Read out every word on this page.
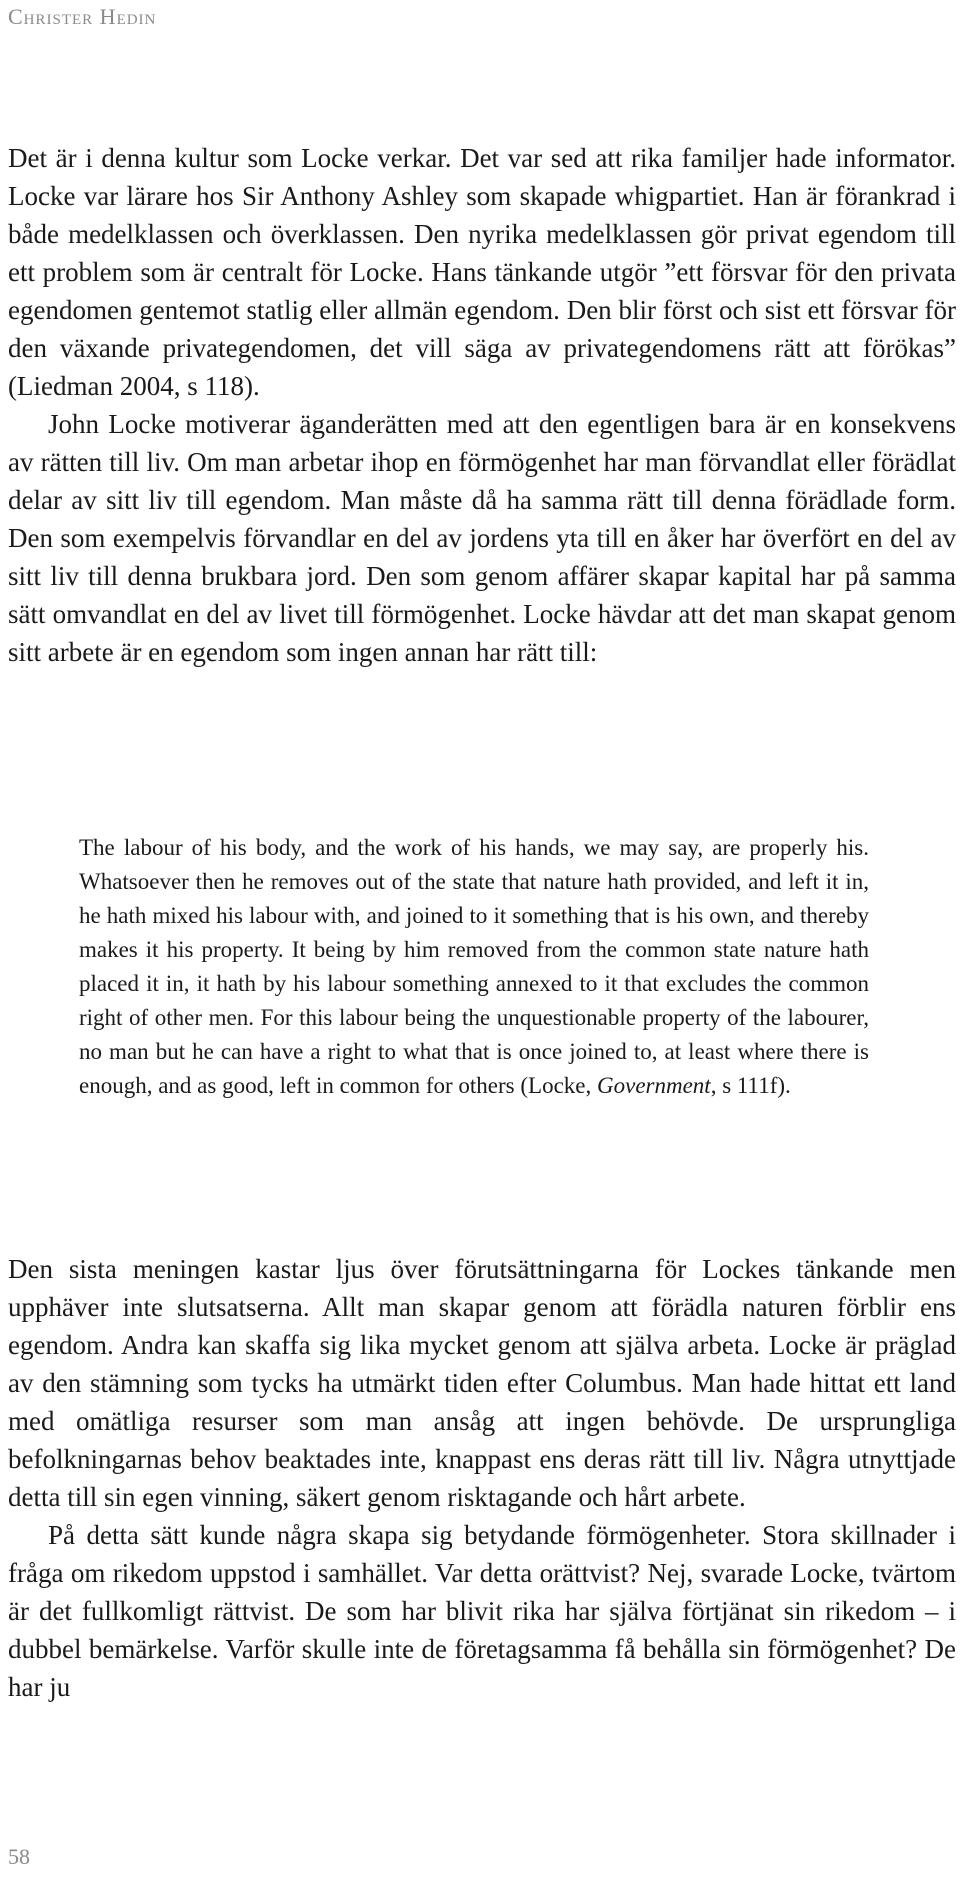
Christer Hedin

Det är i denna kultur som Locke verkar. Det var sed att rika familjer hade informator. Locke var lärare hos Sir Anthony Ashley som skapade whigpartiet. Han är förankrad i både medelklassen och överklassen. Den nyrika medelklassen gör privat egendom till ett problem som är centralt för Locke. Hans tänkande utgör ”ett försvar för den privata egendomen gentemot statlig eller allmän egendom. Den blir först och sist ett försvar för den växande privategendomen, det vill säga av privategendomens rätt att förökas” (Liedman 2004, s 118).

John Locke motiverar äganderätten med att den egentligen bara är en konsekvens av rätten till liv. Om man arbetar ihop en förmögenhet har man förvandlat eller förädlat delar av sitt liv till egendom. Man måste då ha samma rätt till denna förädlade form. Den som exempelvis förvandlar en del av jordens yta till en åker har överfört en del av sitt liv till denna brukbara jord. Den som genom affärer skapar kapital har på samma sätt omvandlat en del av livet till förmögenhet. Locke hävdar att det man skapat genom sitt arbete är en egendom som ingen annan har rätt till:

The labour of his body, and the work of his hands, we may say, are properly his. Whatsoever then he removes out of the state that nature hath provided, and left it in, he hath mixed his labour with, and joined to it something that is his own, and thereby makes it his property. It being by him removed from the common state nature hath placed it in, it hath by his labour something annexed to it that excludes the common right of other men. For this labour being the unquestionable property of the labourer, no man but he can have a right to what that is once joined to, at least where there is enough, and as good, left in common for others (Locke, Government, s 111f).

Den sista meningen kastar ljus över förutsättningarna för Lockes tänkande men upphäver inte slutsatserna. Allt man skapar genom att förädla naturen förblir ens egendom. Andra kan skaffa sig lika mycket genom att själva arbeta. Locke är präglad av den stämning som tycks ha utmärkt tiden efter Columbus. Man hade hittat ett land med omätliga resurser som man ansåg att ingen behövde. De ursprungliga befolkningarnas behov beaktades inte, knappast ens deras rätt till liv. Några utnyttjade detta till sin egen vinning, säkert genom risktagande och hårt arbete.

På detta sätt kunde några skapa sig betydande förmögenheter. Stora skillnader i fråga om rikedom uppstod i samhället. Var detta orättvist? Nej, svarade Locke, tvärtom är det fullkomligt rättvist. De som har blivit rika har själva förtjänat sin rikedom – i dubbel bemärkelse. Varför skulle inte de företagsamma få behålla sin förmögenhet? De har ju

58
